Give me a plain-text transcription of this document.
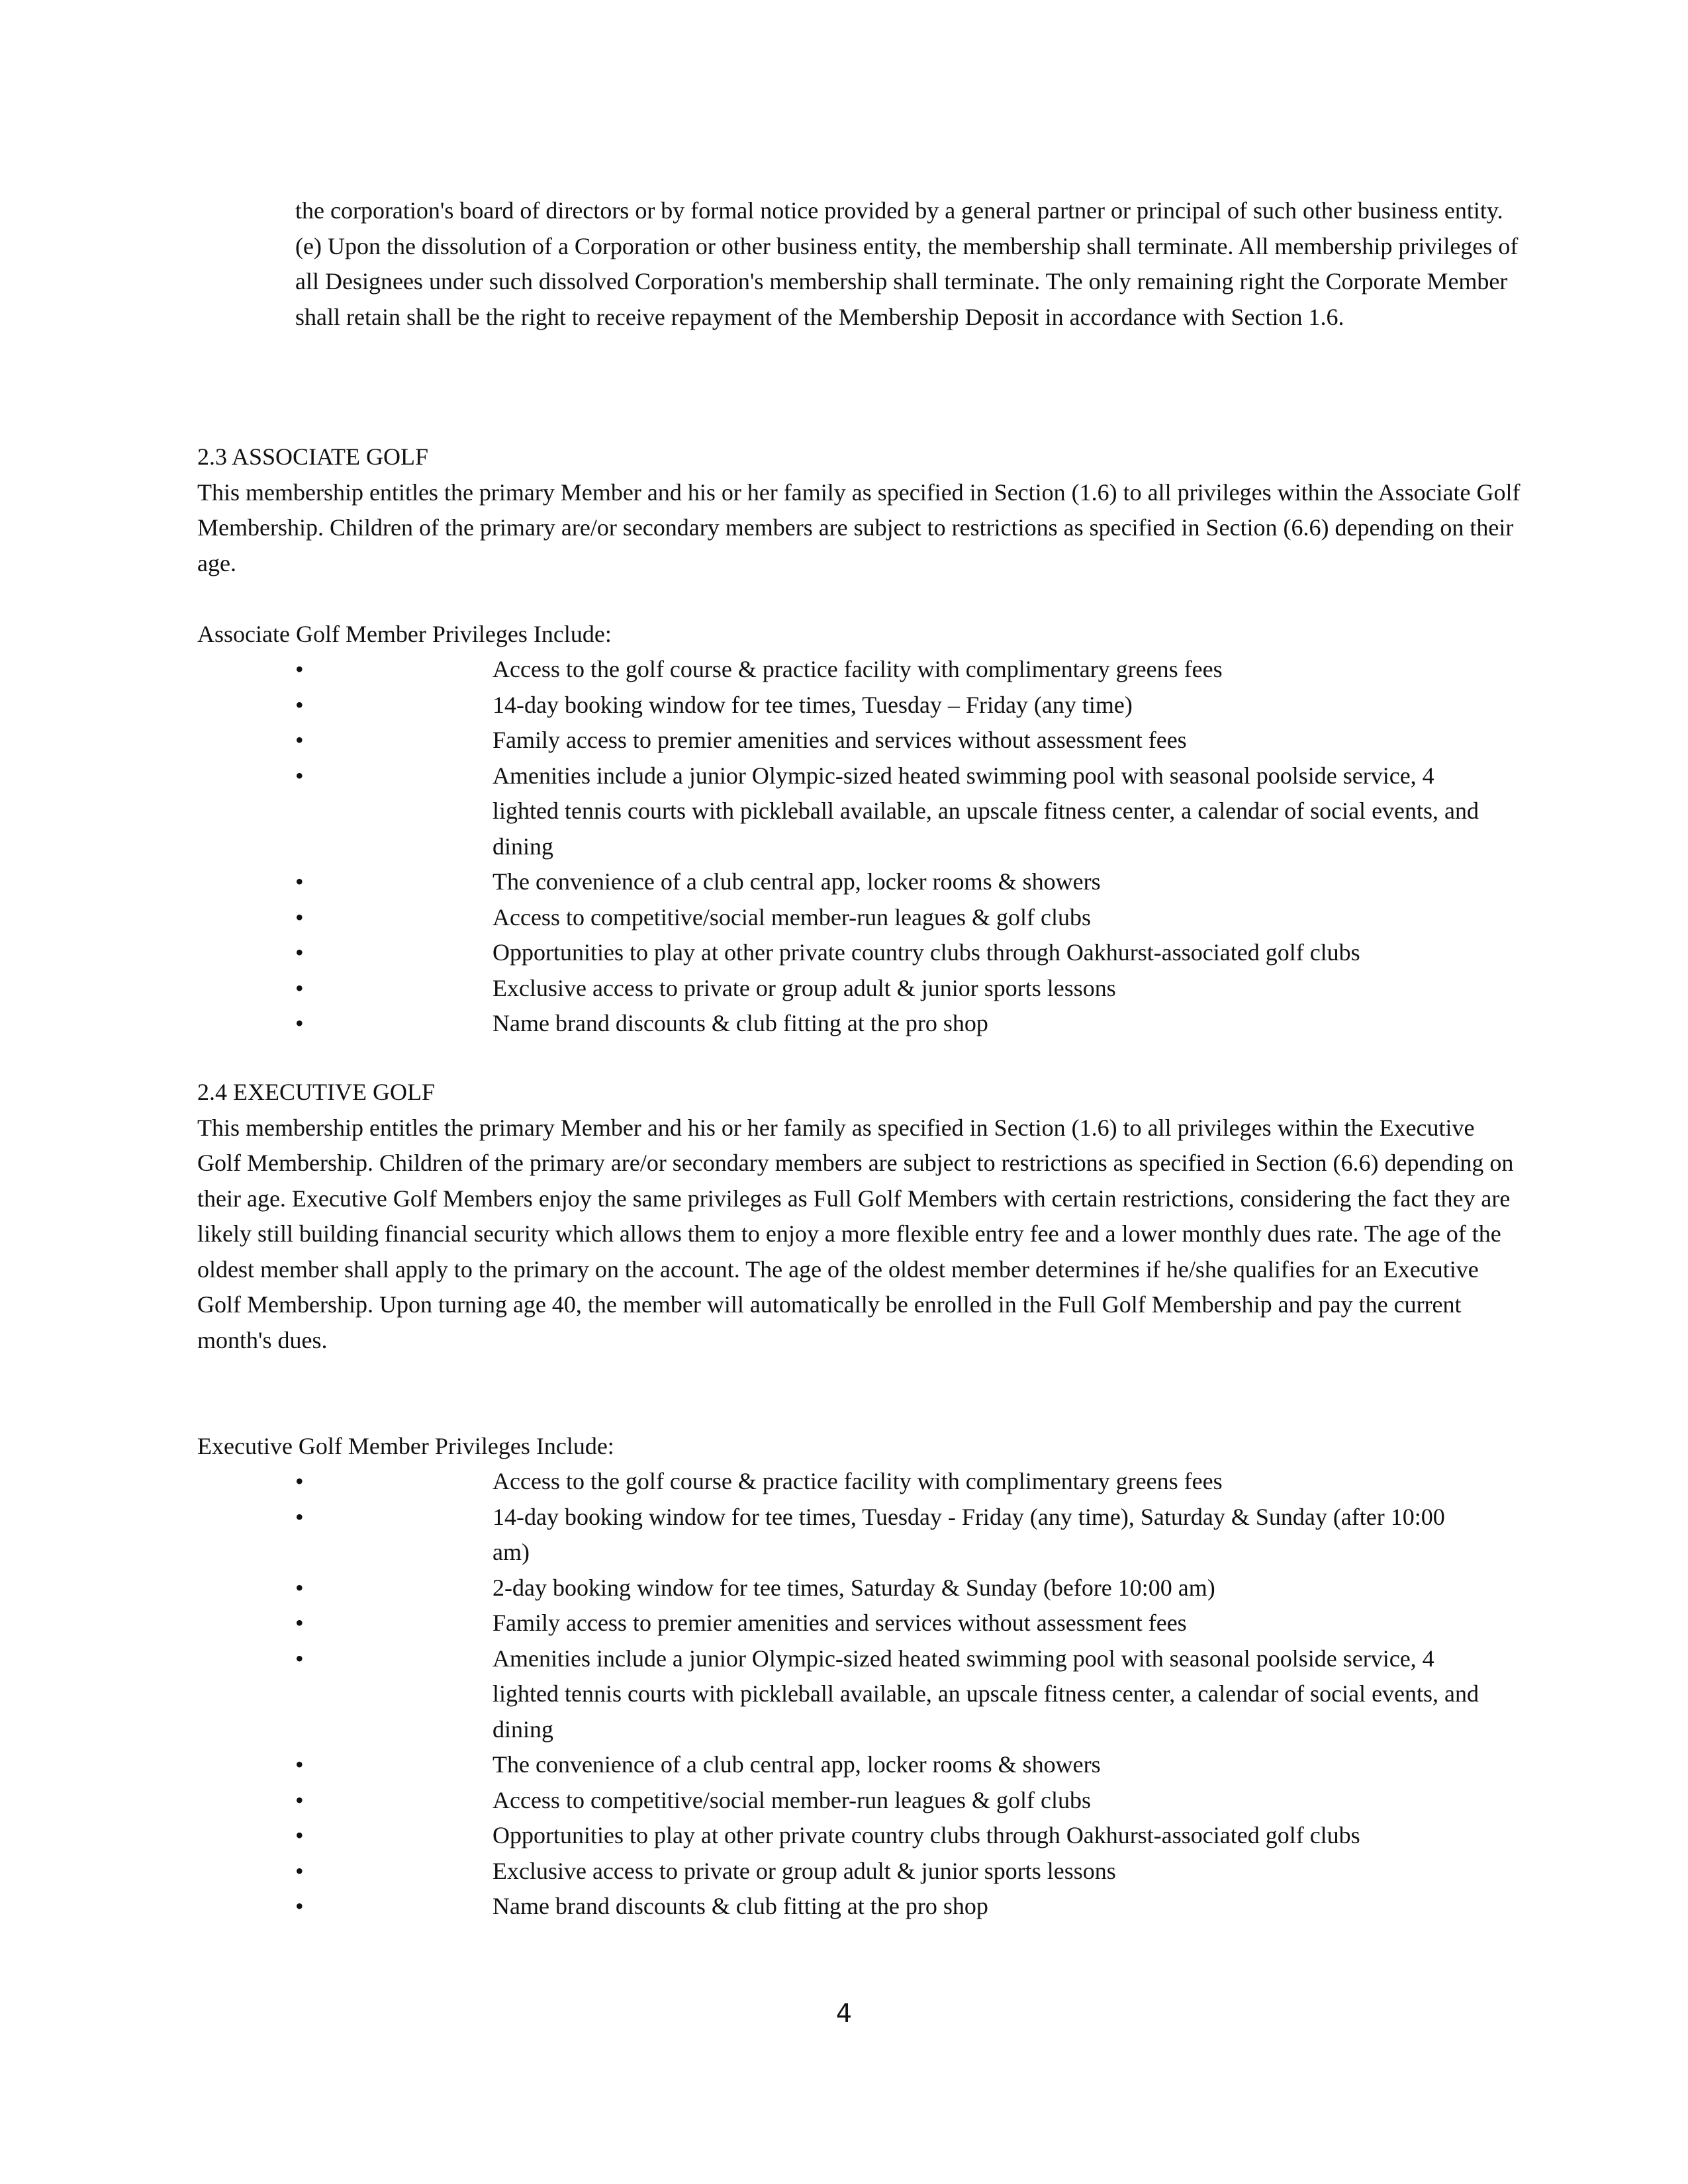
the corporation's board of directors or by formal notice provided by a general partner or principal of such other business entity.

(e) Upon the dissolution of a Corporation or other business entity, the membership shall terminate. All membership privileges of all Designees under such dissolved Corporation's membership shall terminate. The only remaining right the Corporate Member shall retain shall be the right to receive repayment of the Membership Deposit in accordance with Section 1.6.

2.3 ASSOCIATE GOLF

This membership entitles the primary Member and his or her family as specified in Section (1.6) to all privileges within the Associate Golf Membership. Children of the primary are/or secondary members are subject to restrictions as specified in Section (6.6) depending on their age.

Associate Golf Member Privileges Include:

•	Access to the golf course & practice facility with complimentary greens fees
•	14-day booking window for tee times, Tuesday – Friday (any time)
•	Family access to premier amenities and services without assessment fees
•	Amenities include a junior Olympic-sized heated swimming pool with seasonal poolside service, 4 lighted tennis courts with pickleball available, an upscale fitness center, a calendar of social events, and dining
•	The convenience of a club central app, locker rooms & showers
•	Access to competitive/social member-run leagues & golf clubs
•	Opportunities to play at other private country clubs through Oakhurst-associated golf clubs
•	Exclusive access to private or group adult & junior sports lessons
•	Name brand discounts & club fitting at the pro shop

2.4 EXECUTIVE GOLF

This membership entitles the primary Member and his or her family as specified in Section (1.6) to all privileges within the Executive Golf Membership. Children of the primary are/or secondary members are subject to restrictions as specified in Section (6.6) depending on their age. Executive Golf Members enjoy the same privileges as Full Golf Members with certain restrictions, considering the fact they are likely still building financial security which allows them to enjoy a more flexible entry fee and a lower monthly dues rate. The age of the oldest member shall apply to the primary on the account. The age of the oldest member determines if he/she qualifies for an Executive Golf Membership. Upon turning age 40, the member will automatically be enrolled in the Full Golf Membership and pay the current month's dues.

Executive Golf Member Privileges Include:

•	Access to the golf course & practice facility with complimentary greens fees
•	14-day booking window for tee times, Tuesday - Friday (any time), Saturday & Sunday (after 10:00 am)
•	2-day booking window for tee times, Saturday & Sunday (before 10:00 am)
•	Family access to premier amenities and services without assessment fees
•	Amenities include a junior Olympic-sized heated swimming pool with seasonal poolside service, 4 lighted tennis courts with pickleball available, an upscale fitness center, a calendar of social events, and dining
•	The convenience of a club central app, locker rooms & showers
•	Access to competitive/social member-run leagues & golf clubs
•	Opportunities to play at other private country clubs through Oakhurst-associated golf clubs
•	Exclusive access to private or group adult & junior sports lessons
•	Name brand discounts & club fitting at the pro shop
4
